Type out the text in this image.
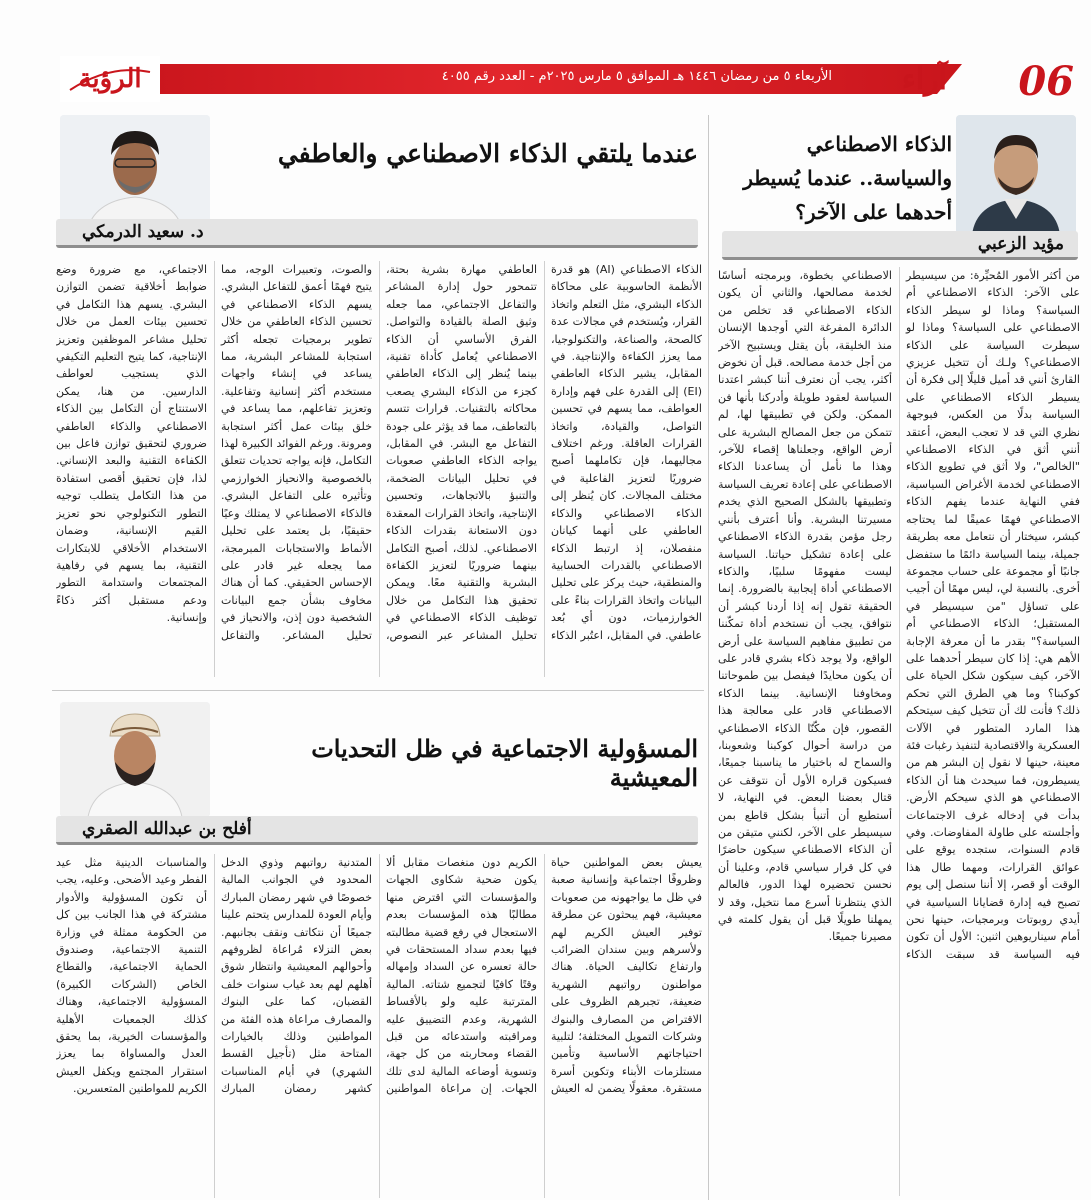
الأربعاء ٥ من رمضان ١٤٤٦ هـ الموافق ٥ مارس ٢٠٢٥م - العدد رقم ٤٠٥٥ آراء 06
الرؤية
الذكاء الاصطناعي والسياسة.. عندما يُسيطر أحدهما على الآخر؟
مؤيد الزعبي

من أكثر الأمور المُحيِّرة: من سيسيطر على الآخر: الذكاء الاصطناعي أم السياسة؟ وماذا لو سيطر الذكاء الاصطناعي على السياسة؟ وماذا لو سيطرت السياسة على الذكاء الاصطناعي؟ ولـك أن تتخيل عزيزي القارئ أنني قد أميل قليلًا إلى فكرة أن يسيطر الذكاء الاصطناعي على السياسة بدلًا من العكس، فبوجهة نظري التي قد لا تعجب البعض، أعتقد أنني أثق في الذكاء الاصطناعي "الخالص"، ولا أثق في تطويع الذكاء الاصطناعي لخدمة الأغراض السياسية، ففي النهاية عندما يفهم الذكاء الاصطناعي فهمًا عميقًا لما يحتاجه كبشر، سيختار أن نتعامل معه بطريقة جميلة، بينما السياسة دائمًا ما ستفضل جانبًا أو مجموعة على حساب مجموعة أخرى. بالنسبة لي، ليس مهمًا أن أجيب على تساؤل "من سيسيطر في المستقبل؛ الذكاء الاصطناعي أم السياسة؟" بقدر ما أن معرفة الإجابة الأهم هي: إذا كان سيطر أحدهما على الآخر، كيف سيكون شكل الحياة على كوكبنا؟ وما هي الطرق التي تحكم ذلك؟ فأنت لك أن تتخيل كيف سيتحكم هذا المارد المتطور في الآلات العسكرية والاقتصادية لتنفيذ رغبات فئة معينة، حينها لا نقول إن البشر هم من يسيطرون، فما سيحدث هنا أن الذكاء الاصطناعي هو الذي سيحكم الأرض. بدأت في إدخاله غرف الاجتماعات وأجلسته على طاولة المفاوضات. وفي قادم السنوات، ستجده يوقع على عوائق القرارات، ومهما طال هذا الوقت أو قصر، إلا أننا سنصل إلى يوم تصبح فيه إدارة قضايانا السياسية في أيدي روبوتات وبرمجيات، حينها نحن أمام سيناريوهين اثنين: الأول أن تكون فيه السياسة قد سبقت الذكاء الاصطناعي بخطوة، وبرمجته أساسًا لخدمة مصالحها، والثاني أن يكون الذكاء الاصطناعي قد تخلص من الدائرة المفرغة التي أوجدها الإنسان منذ الخليقة، بأن يقتل ويستبيح الآخر من أجل خدمة مصالحه. قبل أن نخوض أكثر، يجب أن نعترف أننا كبشر اعتدنا السياسة لعقود طويلة وأدركنا بأنها فن الممكن. ولكن في تطبيقها لها، لم تتمكن من جعل المصالح البشرية على أرض الواقع، وجعلناها إقصاء للآخر، وهذا ما نأمل أن يساعدنا الذكاء الاصطناعي على إعادة تعريف السياسة وتطبيقها بالشكل الصحيح الذي يخدم مسيرتنا البشرية. وأنا أعترف بأنني رجل مؤمن بقدرة الذكاء الاصطناعي على إعادة تشكيل حياتنا. السياسة ليست مفهومًا سلبيًا، والذكاء الاصطناعي أداة إيجابية بالضرورة. إنما الحقيقة تقول إنه إذا أردنا كبشر أن نتوافق، يجب أن نستخدم أداة تمكّننا من تطبيق مفاهيم السياسة على أرض الواقع، ولا يوجد ذكاء بشري قادر على أن يكون محايدًا فيفصل بين طموحاتنا ومخاوفنا الإنسانية. بينما الذكاء الاصطناعي قادر على معالجة هذا القصور، فإن مكّنّا الذكاء الاصطناعي من دراسة أحوال كوكبنا وشعوبنا، والسماح له باختيار ما يناسبنا جميعًا، فسيكون قراره الأول أن نتوقف عن قتال بعضنا البعض. في النهاية، لا أستطيع أن أتنبأ بشكل قاطع بمن سيسيطر على الآخر، لكنني متيقن من أن الذكاء الاصطناعي سيكون حاضرًا في كل قرار سياسي قادم، وعلينا أن نحسن تحضيره لهذا الدور، فالعالم الذي ينتظرنا أسرع مما نتخيل، وقد لا يمهلنا طويلًا قبل أن يقول كلمته في مصيرنا جميعًا.

عندما يلتقي الذكاء الاصطناعي والعاطفي
د. سعيد الدرمكي

الذكاء الاصطناعي (AI) هو قدرة الأنظمة الحاسوبية على محاكاة الذكاء البشري، مثل التعلم واتخاذ القرار، ويُستخدم في مجالات عدة كالصحة، والصناعة، والتكنولوجيا، مما يعزز الكفاءة والإنتاجية. في المقابل، يشير الذكاء العاطفي (EI) إلى القدرة على فهم وإدارة العواطف، مما يسهم في تحسين التواصل، والقيادة، واتخاذ القرارات العاقلة. ورغم اختلاف مجاليهما، فإن تكاملهما أصبح ضروريًا لتعزيز الفاعلية في مختلف المجالات. كان يُنظر إلى الذكاء الاصطناعي والذكاء العاطفي على أنهما كيانان منفصلان، إذ ارتبط الذكاء الاصطناعي بالقدرات الحسابية والمنطقية، حيث يركز على تحليل البيانات واتخاذ القرارات بناءً على الخوارزميات، دون أي بُعد عاطفي. في المقابل، اعتُبر الذكاء العاطفي مهارة بشرية بحتة، تتمحور حول إدارة المشاعر والتفاعل الاجتماعي، مما جعله وثيق الصلة بالقيادة والتواصل. الفرق الأساسي أن الذكاء الاصطناعي يُعامل كأداة تقنية، بينما يُنظر إلى الذكاء العاطفي كجزء من الذكاء البشري يصعب محاكاته بالتقنيات. قرارات تتسم بالتعاطف، مما قد يؤثر على جودة التفاعل مع البشر. في المقابل، يواجه الذكاء العاطفي صعوبات في تحليل البيانات الضخمة، والتنبؤ بالاتجاهات، وتحسين الإنتاجية، واتخاذ القرارات المعقدة دون الاستعانة بقدرات الذكاء الاصطناعي. لذلك، أصبح التكامل بينهما ضروريًا لتعزيز الكفاءة البشرية والتقنية معًا. ويمكن تحقيق هذا التكامل من خلال توظيف الذكاء الاصطناعي في تحليل المشاعر عبر النصوص، والصوت، وتعبيرات الوجه، مما يتيح فهمًا أعمق للتفاعل البشري. يسهم الذكاء الاصطناعي في تحسين الذكاء العاطفي من خلال تطوير برمجيات تجعله أكثر استجابة للمشاعر البشرية، مما يساعد في إنشاء واجهات مستخدم أكثر إنسانية وتفاعلية. وتعزيز تفاعلهم، مما يساعد في خلق بيئات عمل أكثر استجابة ومرونة. ورغم الفوائد الكبيرة لهذا التكامل، فإنه يواجه تحديات تتعلق بالخصوصية والانحياز الخوارزمي وتأثيره على التفاعل البشري. فالذكاء الاصطناعي لا يمتلك وعيًا حقيقيًا، بل يعتمد على تحليل الأنماط والاستجابات المبرمجة، مما يجعله غير قادر على الإحساس الحقيقي. كما أن هناك مخاوف بشأن جمع البيانات الشخصية دون إذن، والانحياز في تحليل المشاعر. والتفاعل الاجتماعي، مع ضرورة وضع ضوابط أخلاقية تضمن التوازن البشري. يسهم هذا التكامل في تحسين بيئات العمل من خلال تحليل مشاعر الموظفين وتعزيز الإنتاجية، كما يتيح التعليم التكيفي الذي يستجيب لعواطف الدارسين. من هنا، يمكن الاستنتاج أن التكامل بين الذكاء الاصطناعي والذكاء العاطفي ضروري لتحقيق توازن فاعل بين الكفاءة التقنية والبعد الإنساني. لذا، فإن تحقيق أقصى استفادة من هذا التكامل يتطلب توجيه التطور التكنولوجي نحو تعزيز القيم الإنسانية، وضمان الاستخدام الأخلاقي للابتكارات التقنية، بما يسهم في رفاهية المجتمعات واستدامة التطور ودعم مستقبل أكثر ذكاءً وإنسانية.

المسؤولية الاجتماعية في ظل التحديات المعيشية
أفلح بن عبدالله الصقري

يعيش بعض المواطنين حياة وظروفًا اجتماعية وإنسانية صعبة في ظل ما يواجهونه من صعوبات معيشية، فهم يبحثون عن مطرقة توفير العيش الكريم لهم ولأسرهم وبين سندان الضرائب وارتفاع تكاليف الحياة. هناك مواطنون رواتبهم الشهرية ضعيفة، تجبرهم الظروف على الاقتراض من المصارف والبنوك وشركات التمويل المختلفة؛ لتلبية احتياجاتهم الأساسية وتأمين مستلزمات الأبناء وتكوين أسرة مستقرة. معقولًا يضمن له العيش الكريم دون منغصات مقابل ألا يكون ضحية شكاوى الجهات والمؤسسات التي اقترض منها مطالبًا هذه المؤسسات بعدم الاستعجال في رفع قضية مطالبته فيها بعدم سداد المستحقات في حالة تعسره عن السداد وإمهاله وقتًا كافيًا لتجميع شتاته. المالية المترتبة عليه ولو بالأقساط الشهرية، وعدم التضييق عليه ومراقبته واستدعائه من قبل القضاء ومحاربته من كل جهة، وتسوية أوضاعه المالية لدى تلك الجهات. إن مراعاة المواطنين المتدنية رواتبهم وذوي الدخل المحدود في الجوانب المالية خصوصًا في شهر رمضان المبارك وأيام العودة للمدارس يتحتم علينا جميعًا أن نتكاتف ونقف بجانبهم. بعض النزلاء مُراعاة لظروفهم وأحوالهم المعيشية وانتظار شوق أهلهم لهم بعد غياب سنوات خلف القضبان، كما على البنوك والمصارف مراعاة هذه الفئة من المواطنين وذلك بالخيارات المتاحة مثل (تأجيل القسط الشهري) في أيام المناسبات كشهر رمضان المبارك والمناسبات الدينية مثل عيد الفطر وعيد الأضحى. وعليه، يجب أن تكون المسؤولية والأدوار مشتركة في هذا الجانب بين كل من الحكومة ممثلة في وزارة التنمية الاجتماعية، وصندوق الحماية الاجتماعية، والقطاع الخاص (الشركات الكبيرة) المسؤولية الاجتماعية، وهناك كذلك الجمعيات الأهلية والمؤسسات الخيرية، بما يحقق العدل والمساواة بما يعزز استقرار المجتمع ويكفل العيش الكريم للمواطنين المتعسرين.
